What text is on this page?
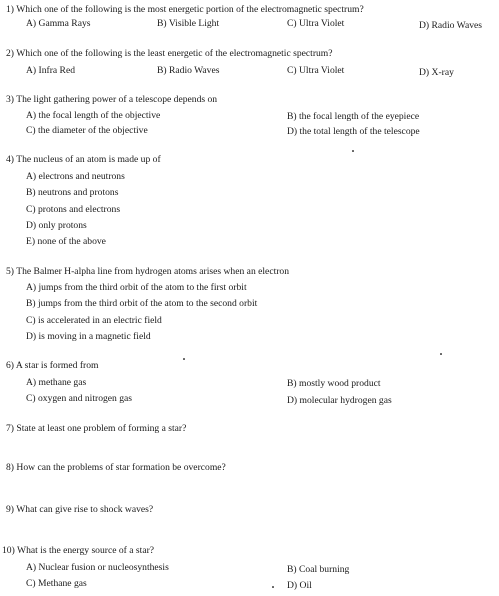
1) Which one of the following is the most energetic portion of the electromagnetic spectrum?
A) Gamma Rays	B) Visible Light	C) Ultra Violet	D) Radio Waves
2) Which one of the following is the least energetic of the electromagnetic spectrum?
A) Infra Red	B) Radio Waves	C) Ultra Violet	D) X-ray
3) The light gathering power of a telescope depends on
A) the focal length of the objective	B) the focal length of the eyepiece
C) the diameter of the objective	D) the total length of the telescope
4) The nucleus of an atom is made up of
A) electrons and neutrons
B) neutrons and protons
C) protons and electrons
D) only protons
E) none of the above
5) The Balmer H-alpha line from hydrogen atoms arises when an electron
A) jumps from the third orbit of the atom to the first orbit
B) jumps from the third orbit of the atom to the second orbit
C) is accelerated in an electric field
D) is moving in a magnetic field
6) A star is formed from
A) methane gas	B) mostly wood product
C) oxygen and nitrogen gas	D) molecular hydrogen gas
7) State at least one problem of forming a star?
8) How can the problems of star formation be overcome?
9) What can give rise to shock waves?
10) What is the energy source of a star?
A) Nuclear fusion or nucleosynthesis	B) Coal burning
C) Methane gas	D) Oil
